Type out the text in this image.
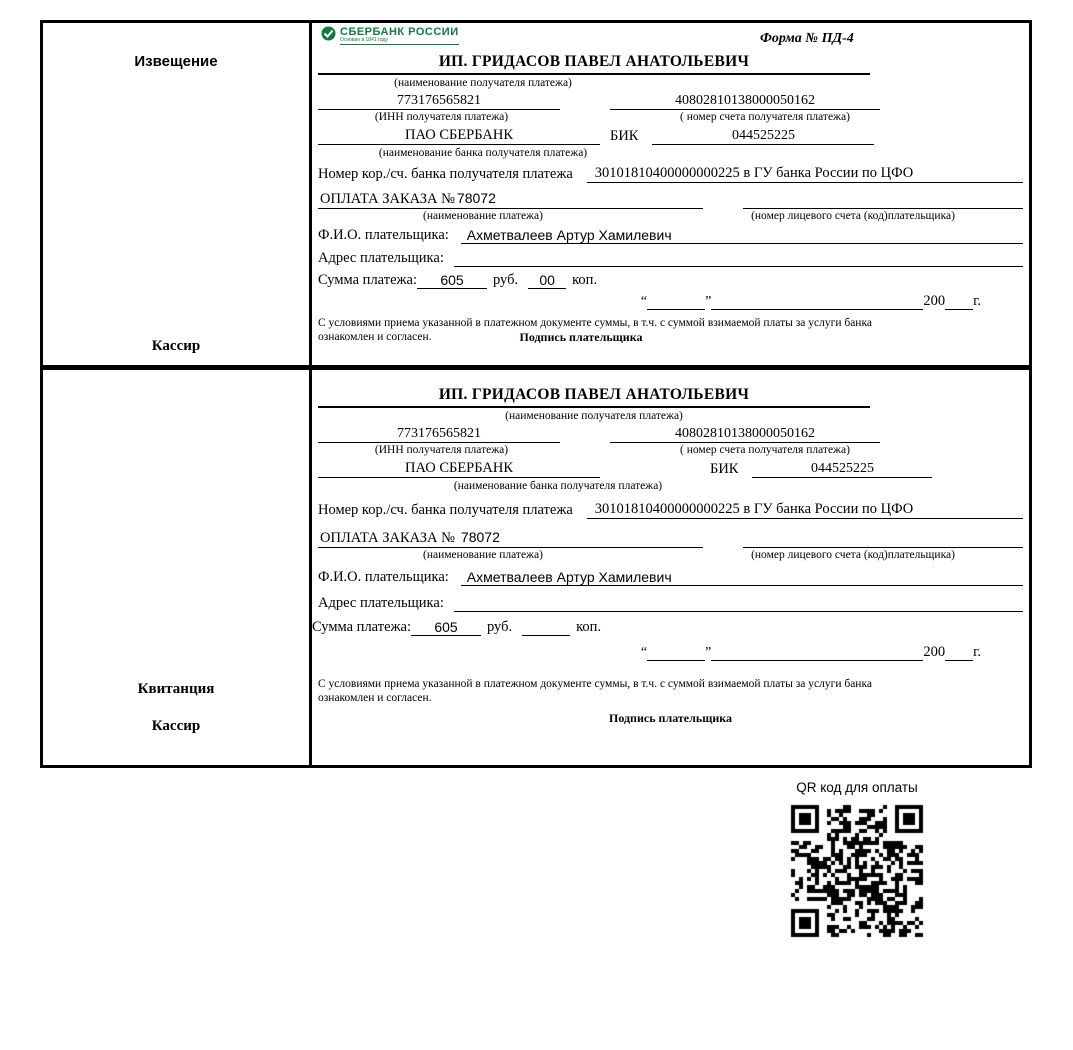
Извещение
Кассир
СБЕРБАНК РОССИИ
Основан в 1841 году	Форма № ПД-4
ИП. ГРИДАСОВ ПАВЕЛ АНАТОЛЬЕВИЧ
(наименование получателя платежа)
773176565821	40802810138000050162
(ИНН получателя платежа)	( номер счета получателя платежа)
ПАО СБЕРБАНК	БИК	044525225
(наименование банка получателя платежа)
Номер кор./сч. банка получателя платежа	30101810400000000225 в ГУ банка России по ЦФО
ОПЛАТА ЗАКАЗА № 78072
(наименование платежа)	(номер лицевого счета (код)плательщика)
Ф.И.О. плательщика:	Ахметвалеев Артур Хамилевич
Адрес плательщика:
Сумма платежа:	605	руб.	00	коп.
“	”	200 г.
С условиями приема указанной в платежном документе суммы, в т.ч. с суммой взимаемой платы за услуги банка
ознакомлен и согласен.	Подпись плательщика
Квитанция
Кассир
ИП. ГРИДАСОВ ПАВЕЛ АНАТОЛЬЕВИЧ
(наименование получателя платежа)
773176565821	40802810138000050162
(ИНН получателя платежа)	( номер счета получателя платежа)
ПАО СБЕРБАНК	БИК	044525225
(наименование банка получателя платежа)
Номер кор./сч. банка получателя платежа	30101810400000000225 в ГУ банка России по ЦФО
ОПЛАТА ЗАКАЗА № 78072
(наименование платежа)	(номер лицевого счета (код)плательщика)
Ф.И.О. плательщика:	Ахметвалеев Артур Хамилевич
Адрес плательщика:
Сумма платежа:	605	руб.	коп.
“	”	200 г.
С условиями приема указанной в платежном документе суммы, в т.ч. с суммой взимаемой платы за услуги банка
ознакомлен и согласен.
Подпись плательщика
QR код для оплаты
